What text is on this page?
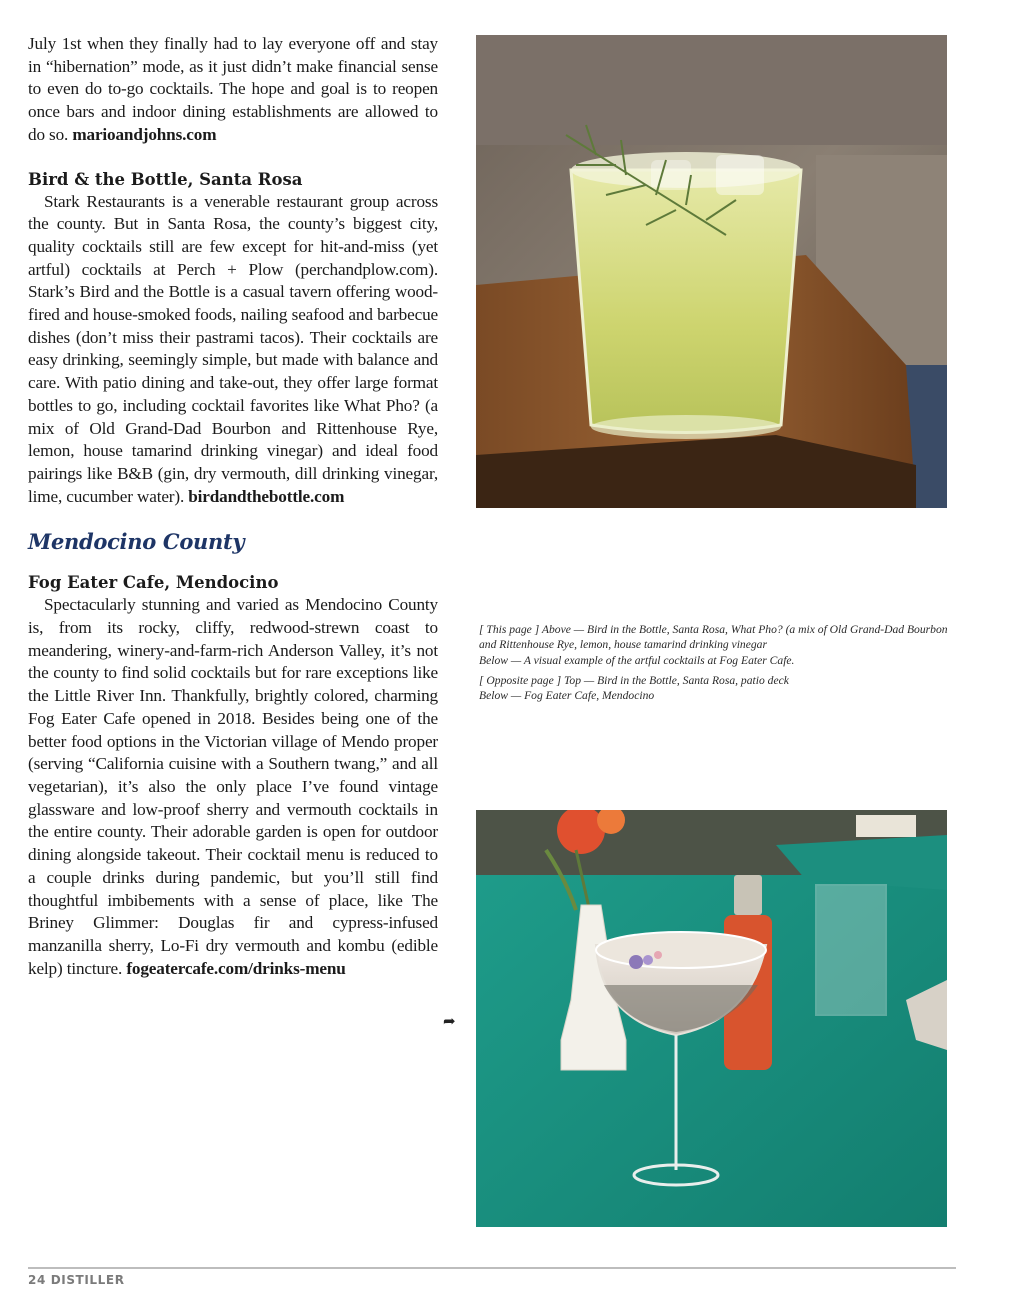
July 1st when they finally had to lay everyone off and stay in “hibernation” mode, as it just didn’t make financial sense to even do to-go cocktails. The hope and goal is to reopen once bars and indoor dining establishments are allowed to do so. marioandjohns.com

Bird & the Bottle, Santa Rosa

Stark Restaurants is a venerable restaurant group across the county. But in Santa Rosa, the county’s biggest city, quality cocktails still are few except for hit-and-miss (yet artful) cocktails at Perch + Plow (perchandplow.com). Stark’s Bird and the Bottle is a casual tavern offering wood-fired and house-smoked foods, nailing seafood and barbecue dishes (don’t miss their pastrami tacos). Their cocktails are easy drinking, seemingly simple, but made with balance and care. With patio dining and take-out, they offer large format bottles to go, including cocktail favorites like What Pho? (a mix of Old Grand-Dad Bourbon and Rittenhouse Rye, lemon, house tamarind drinking vinegar) and ideal food pairings like B&B (gin, dry vermouth, dill drinking vinegar, lime, cucumber water). birdandthebottle.com

Mendocino County
Fog Eater Cafe, Mendocino

Spectacularly stunning and varied as Mendocino County is, from its rocky, cliffy, redwood-strewn coast to meandering, winery-and-farm-rich Anderson Valley, it’s not the county to find solid cocktails but for rare exceptions like the Little River Inn. Thankfully, brightly colored, charming Fog Eater Cafe opened in 2018. Besides being one of the better food options in the Victorian village of Mendo proper (serving “California cuisine with a Southern twang,” and all vegetarian), it’s also the only place I’ve found vintage glassware and low-proof sherry and vermouth cocktails in the entire county. Their adorable garden is open for outdoor dining alongside takeout. Their cocktail menu is reduced to a couple drinks during pandemic, but you’ll still find thoughtful imbibements with a sense of place, like The Briney Glimmer: Douglas fir and cypress-infused manzanilla sherry, Lo-Fi dry vermouth and kombu (edible kelp) tincture. fogeatercafe.com/drinks-menu

➦

[ This page ] Above — Bird in the Bottle, Santa Rosa, What Pho? (a mix of Old Grand-Dad Bourbon and Rittenhouse Rye, lemon, house tamarind drinking vinegar
Below — A visual example of the artful cocktails at Fog Eater Cafe.

[ Opposite page ] Top — Bird in the Bottle, Santa Rosa, patio deck
Below — Fog Eater Cafe, Mendocino

24 DISTILLER
